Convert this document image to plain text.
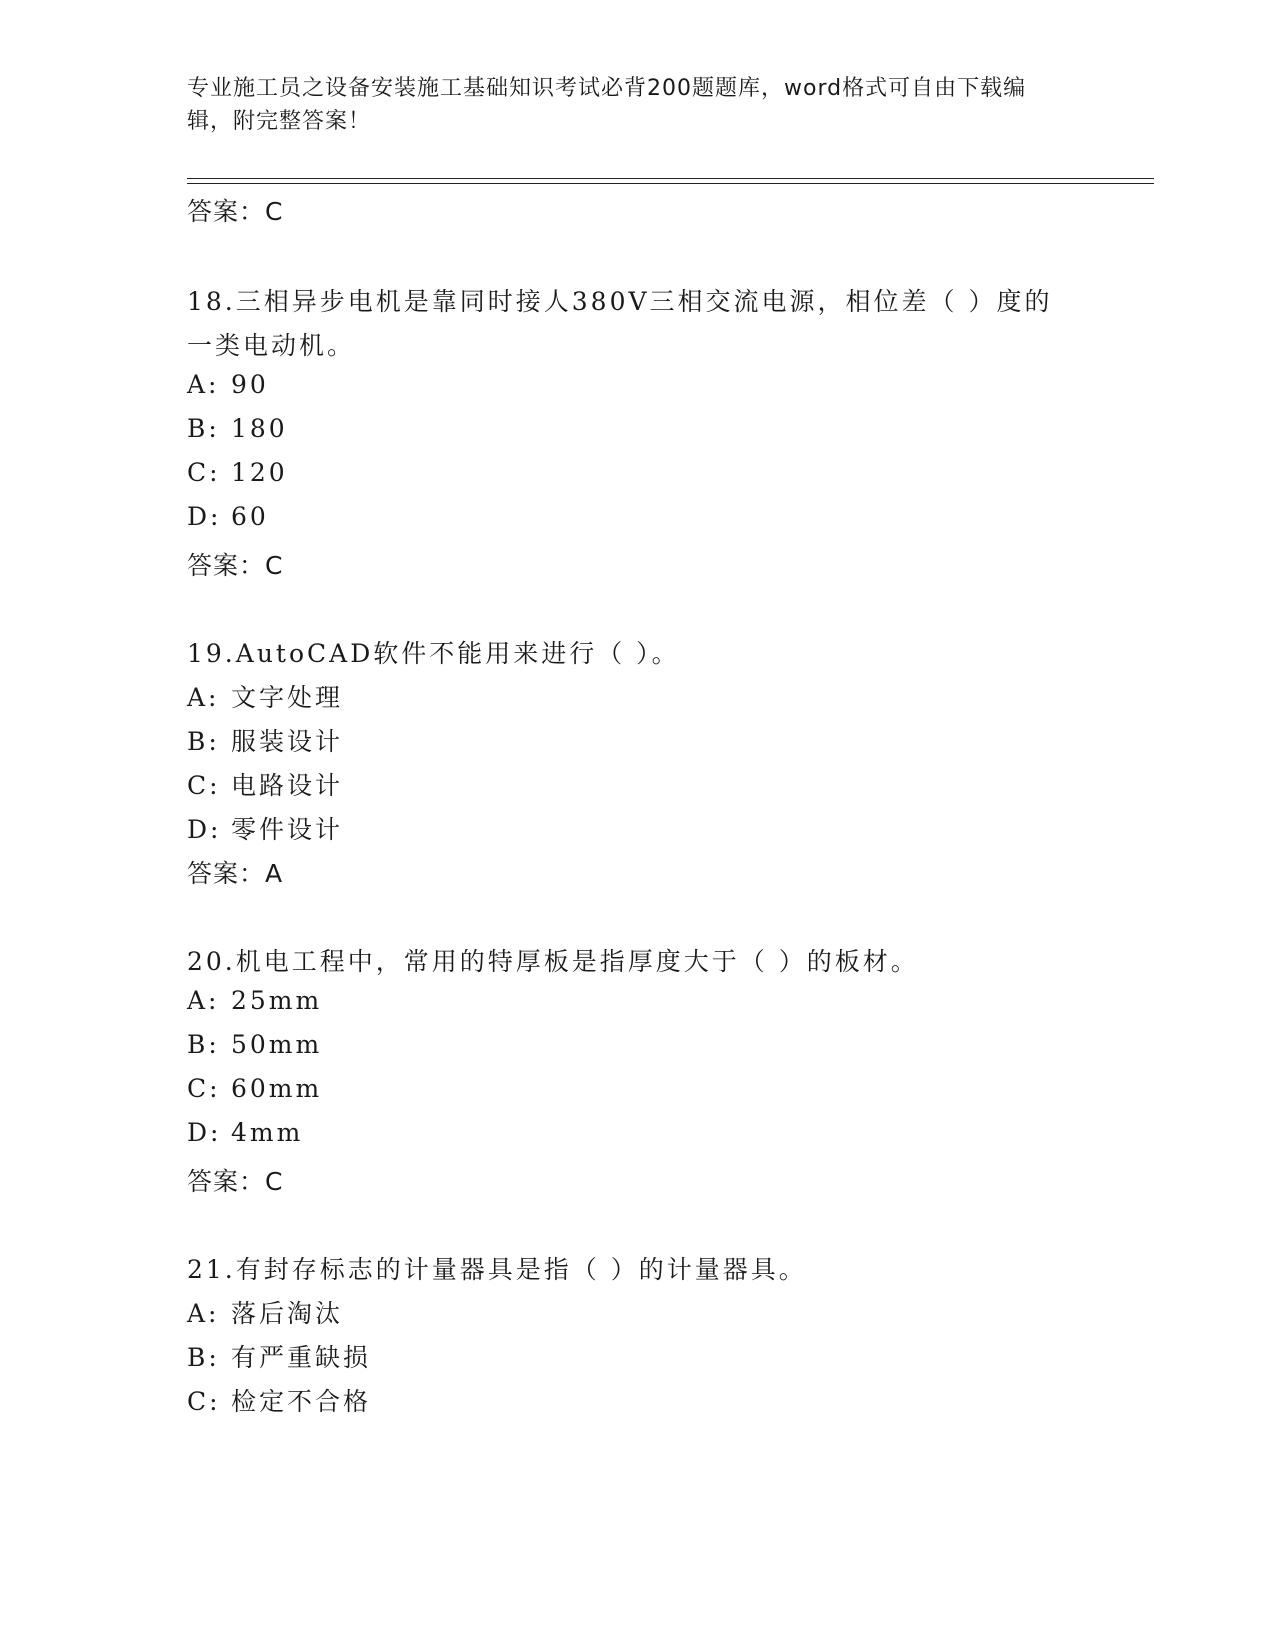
专业施工员之设备安装施工基础知识考试必背200题题库，word格式可自由下载编辑，附完整答案！
答案：C
18.三相异步电机是靠同时接人380V三相交流电源，相位差（ ）度的
一类电动机。
A: 90
B: 180
C: 120
D: 60
答案：C
19.AutoCAD软件不能用来进行（ ）。
A: 文字处理
B: 服装设计
C: 电路设计
D: 零件设计
答案：A
20.机电工程中，常用的特厚板是指厚度大于（ ）的板材。
A: 25mm
B: 50mm
C: 60mm
D: 4mm
答案：C
21.有封存标志的计量器具是指（ ）的计量器具。
A: 落后淘汰
B: 有严重缺损
C: 检定不合格
